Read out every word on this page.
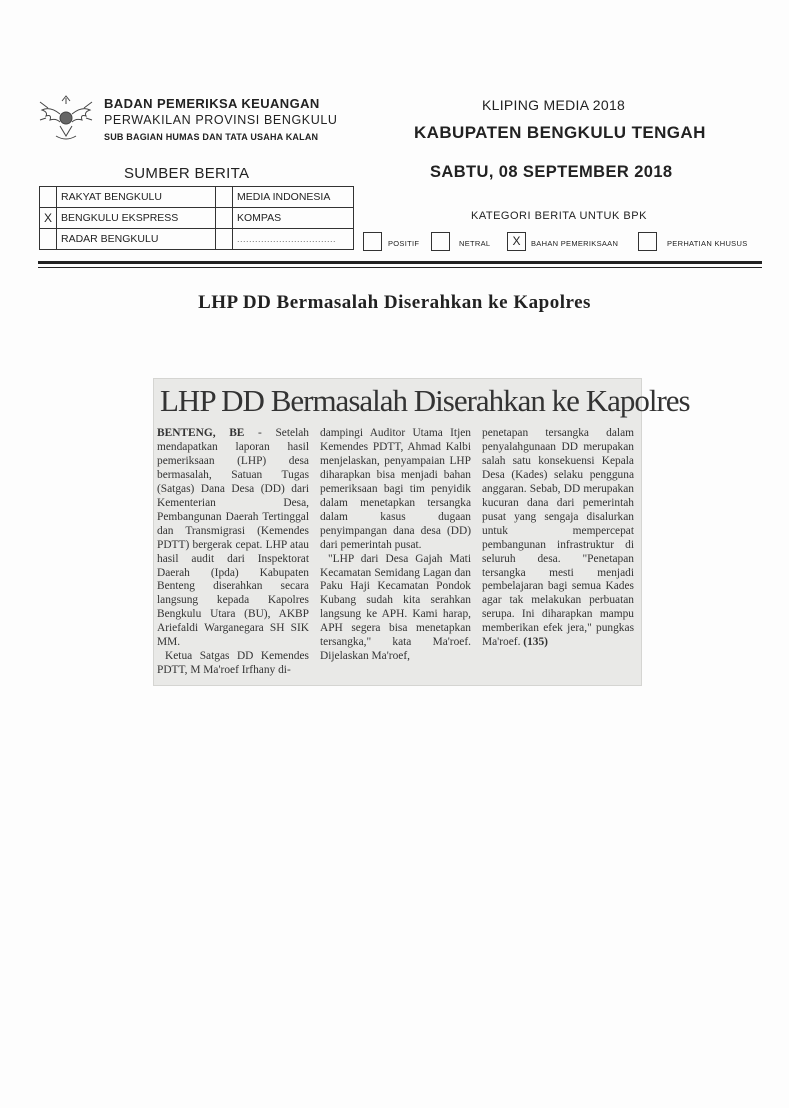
BADAN PEMERIKSA KEUANGAN
PERWAKILAN PROVINSI BENGKULU
SUB BAGIAN HUMAS DAN TATA USAHA KALAN
KLIPING MEDIA 2018
KABUPATEN BENGKULU TENGAH
SABTU, 08 SEPTEMBER 2018
SUMBER BERITA
	RAKYAT BENGKULU		MEDIA INDONESIA
X	BENGKULU EKSPRESS		KOMPAS
	RADAR BENGKULU		.................................
KATEGORI BERITA UNTUK BPK
POSITIF	NETRAL	X	BAHAN PEMERIKSAAN	PERHATIAN KHUSUS
LHP DD Bermasalah Diserahkan ke Kapolres
LHP DD Bermasalah Diserahkan ke Kapolres

BENTENG, BE - Setelah mendapatkan laporan hasil pemeriksaan (LHP) desa bermasalah, Satuan Tugas (Satgas) Dana Desa (DD) dari Kementerian Desa, Pembangunan Daerah Tertinggal dan Transmigrasi (Kemendes PDTT) bergerak cepat. LHP atau hasil audit dari Inspektorat Daerah (Ipda) Kabupaten Benteng diserahkan secara langsung kepada Kapolres Bengkulu Utara (BU), AKBP Ariefaldi Warganegara SH SIK MM.

Ketua Satgas DD Kemendes PDTT, M Ma'roef Irfhany di-

dampingi Auditor Utama Itjen Kemendes PDTT, Ahmad Kalbi menjelaskan, penyampaian LHP diharapkan bisa menjadi bahan pemeriksaan bagi tim penyidik dalam menetapkan tersangka dalam kasus dugaan penyimpangan dana desa (DD) dari pemerintah pusat.

"LHP dari Desa Gajah Mati Kecamatan Semidang Lagan dan Paku Haji Kecamatan Pondok Kubang sudah kita serahkan langsung ke APH. Kami harap, APH segera bisa menetapkan tersangka," kata Ma'roef. Dijelaskan Ma'roef,

penetapan tersangka dalam penyalahgunaan DD merupakan salah satu konsekuensi Kepala Desa (Kades) selaku pengguna anggaran. Sebab, DD merupakan kucuran dana dari pemerintah pusat yang sengaja disalurkan untuk mempercepat pembangunan infrastruktur di seluruh desa. "Penetapan tersangka mesti menjadi pembelajaran bagi semua Kades agar tak melakukan perbuatan serupa. Ini diharapkan mampu memberikan efek jera," pungkas Ma'roef. (135)
